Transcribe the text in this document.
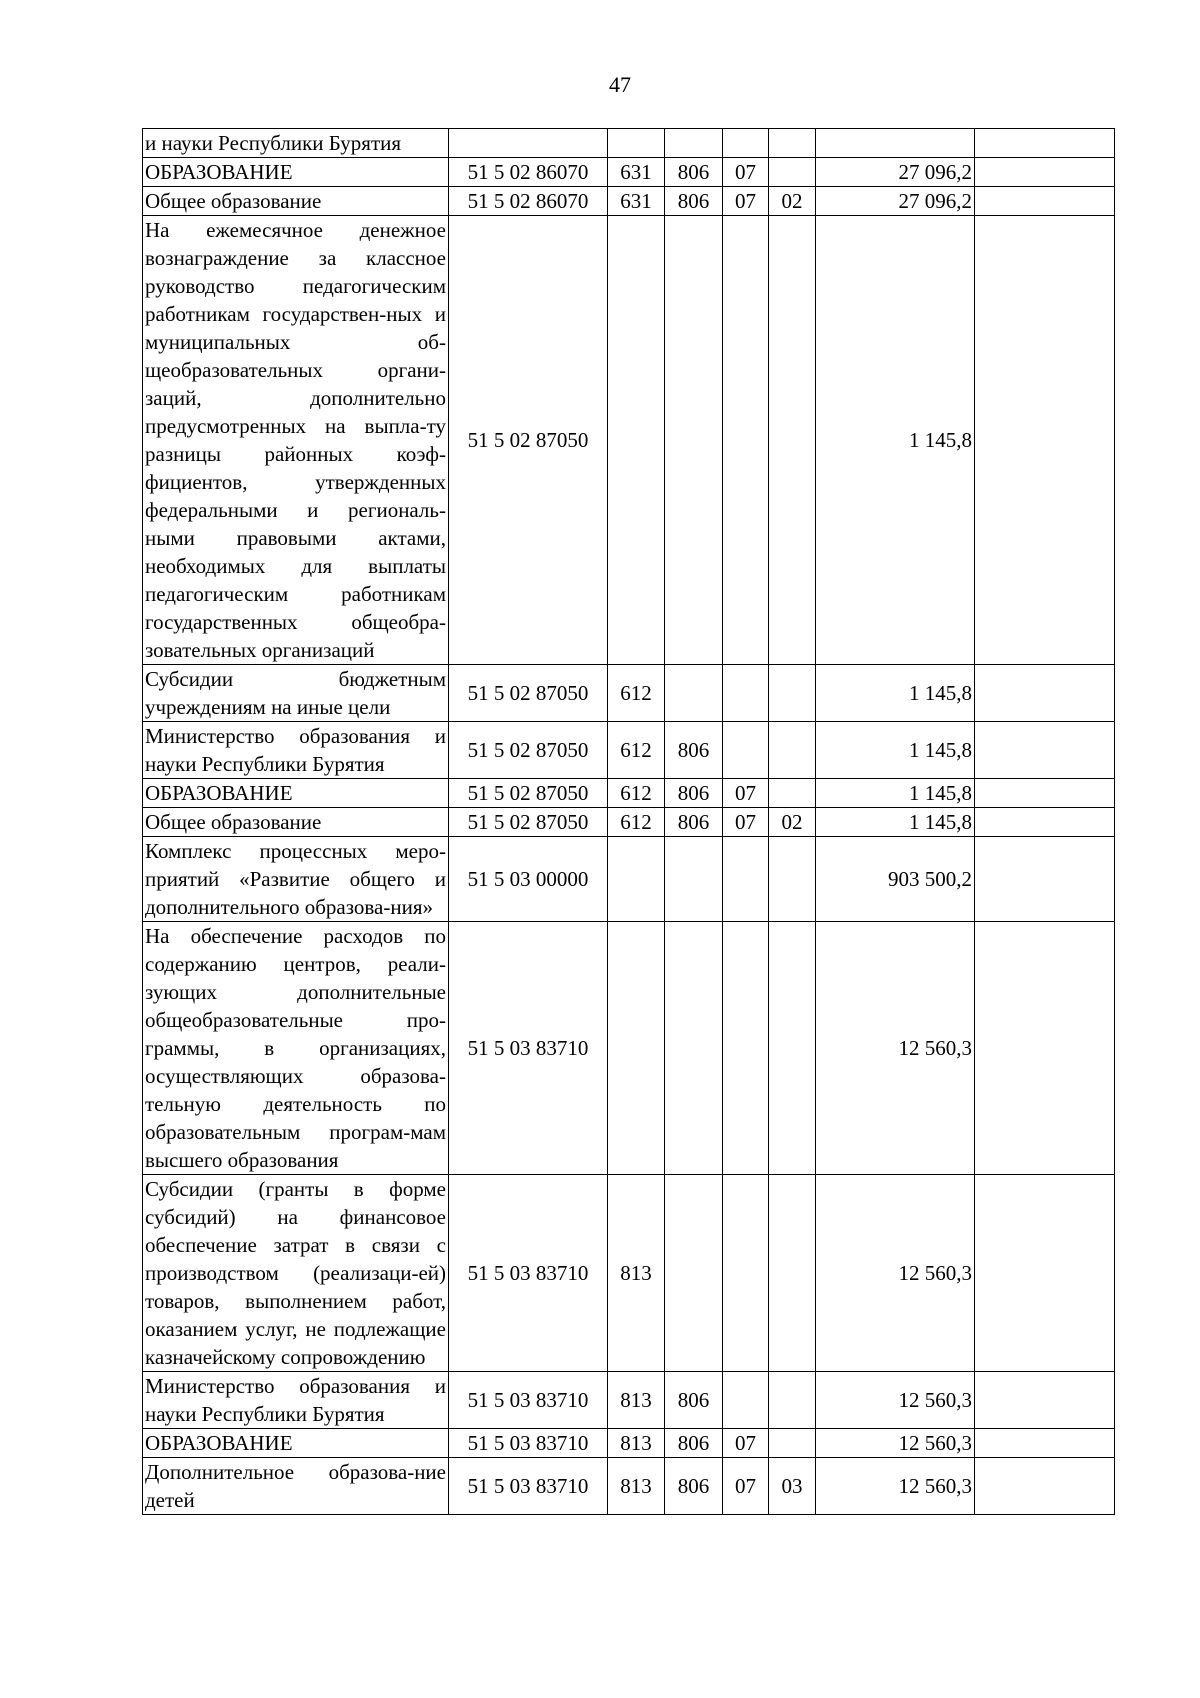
47
и науки Республики Бурятия							
ОБРАЗОВАНИЕ	51 5 02 86070	631	806	07		27 096,2	
Общее образование	51 5 02 86070	631	806	07	02	27 096,2	
На ежемесячное денежное вознаграждение за классное руководство педагогическим работникам государствен-ных и муниципальных об-щеобразовательных органи-заций, дополнительно предусмотренных на выпла-ту разницы районных коэф-фициентов, утвержденных федеральными и региональ-ными правовыми актами, необходимых для выплаты педагогическим работникам государственных общеобра-зовательных организаций	51 5 02 87050					1 145,8	
Субсидии бюджетным учреждениям на иные цели	51 5 02 87050	612				1 145,8	
Министерство образования и науки Республики Бурятия	51 5 02 87050	612	806			1 145,8	
ОБРАЗОВАНИЕ	51 5 02 87050	612	806	07		1 145,8	
Общее образование	51 5 02 87050	612	806	07	02	1 145,8	
Комплекс процессных меро-приятий «Развитие общего и дополнительного образова-ния»	51 5 03 00000					903 500,2	
На обеспечение расходов по содержанию центров, реали-зующих дополнительные общеобразовательные про-граммы, в организациях, осуществляющих образова-тельную деятельность по образовательным програм-мам высшего образования	51 5 03 83710					12 560,3	
Субсидии (гранты в форме субсидий) на финансовое обеспечение затрат в связи с производством (реализаци-ей) товаров, выполнением работ, оказанием услуг, не подлежащие казначейскому сопровождению	51 5 03 83710	813				12 560,3	
Министерство образования и науки Республики Бурятия	51 5 03 83710	813	806			12 560,3	
ОБРАЗОВАНИЕ	51 5 03 83710	813	806	07		12 560,3	
Дополнительное образова-ние детей	51 5 03 83710	813	806	07	03	12 560,3	
